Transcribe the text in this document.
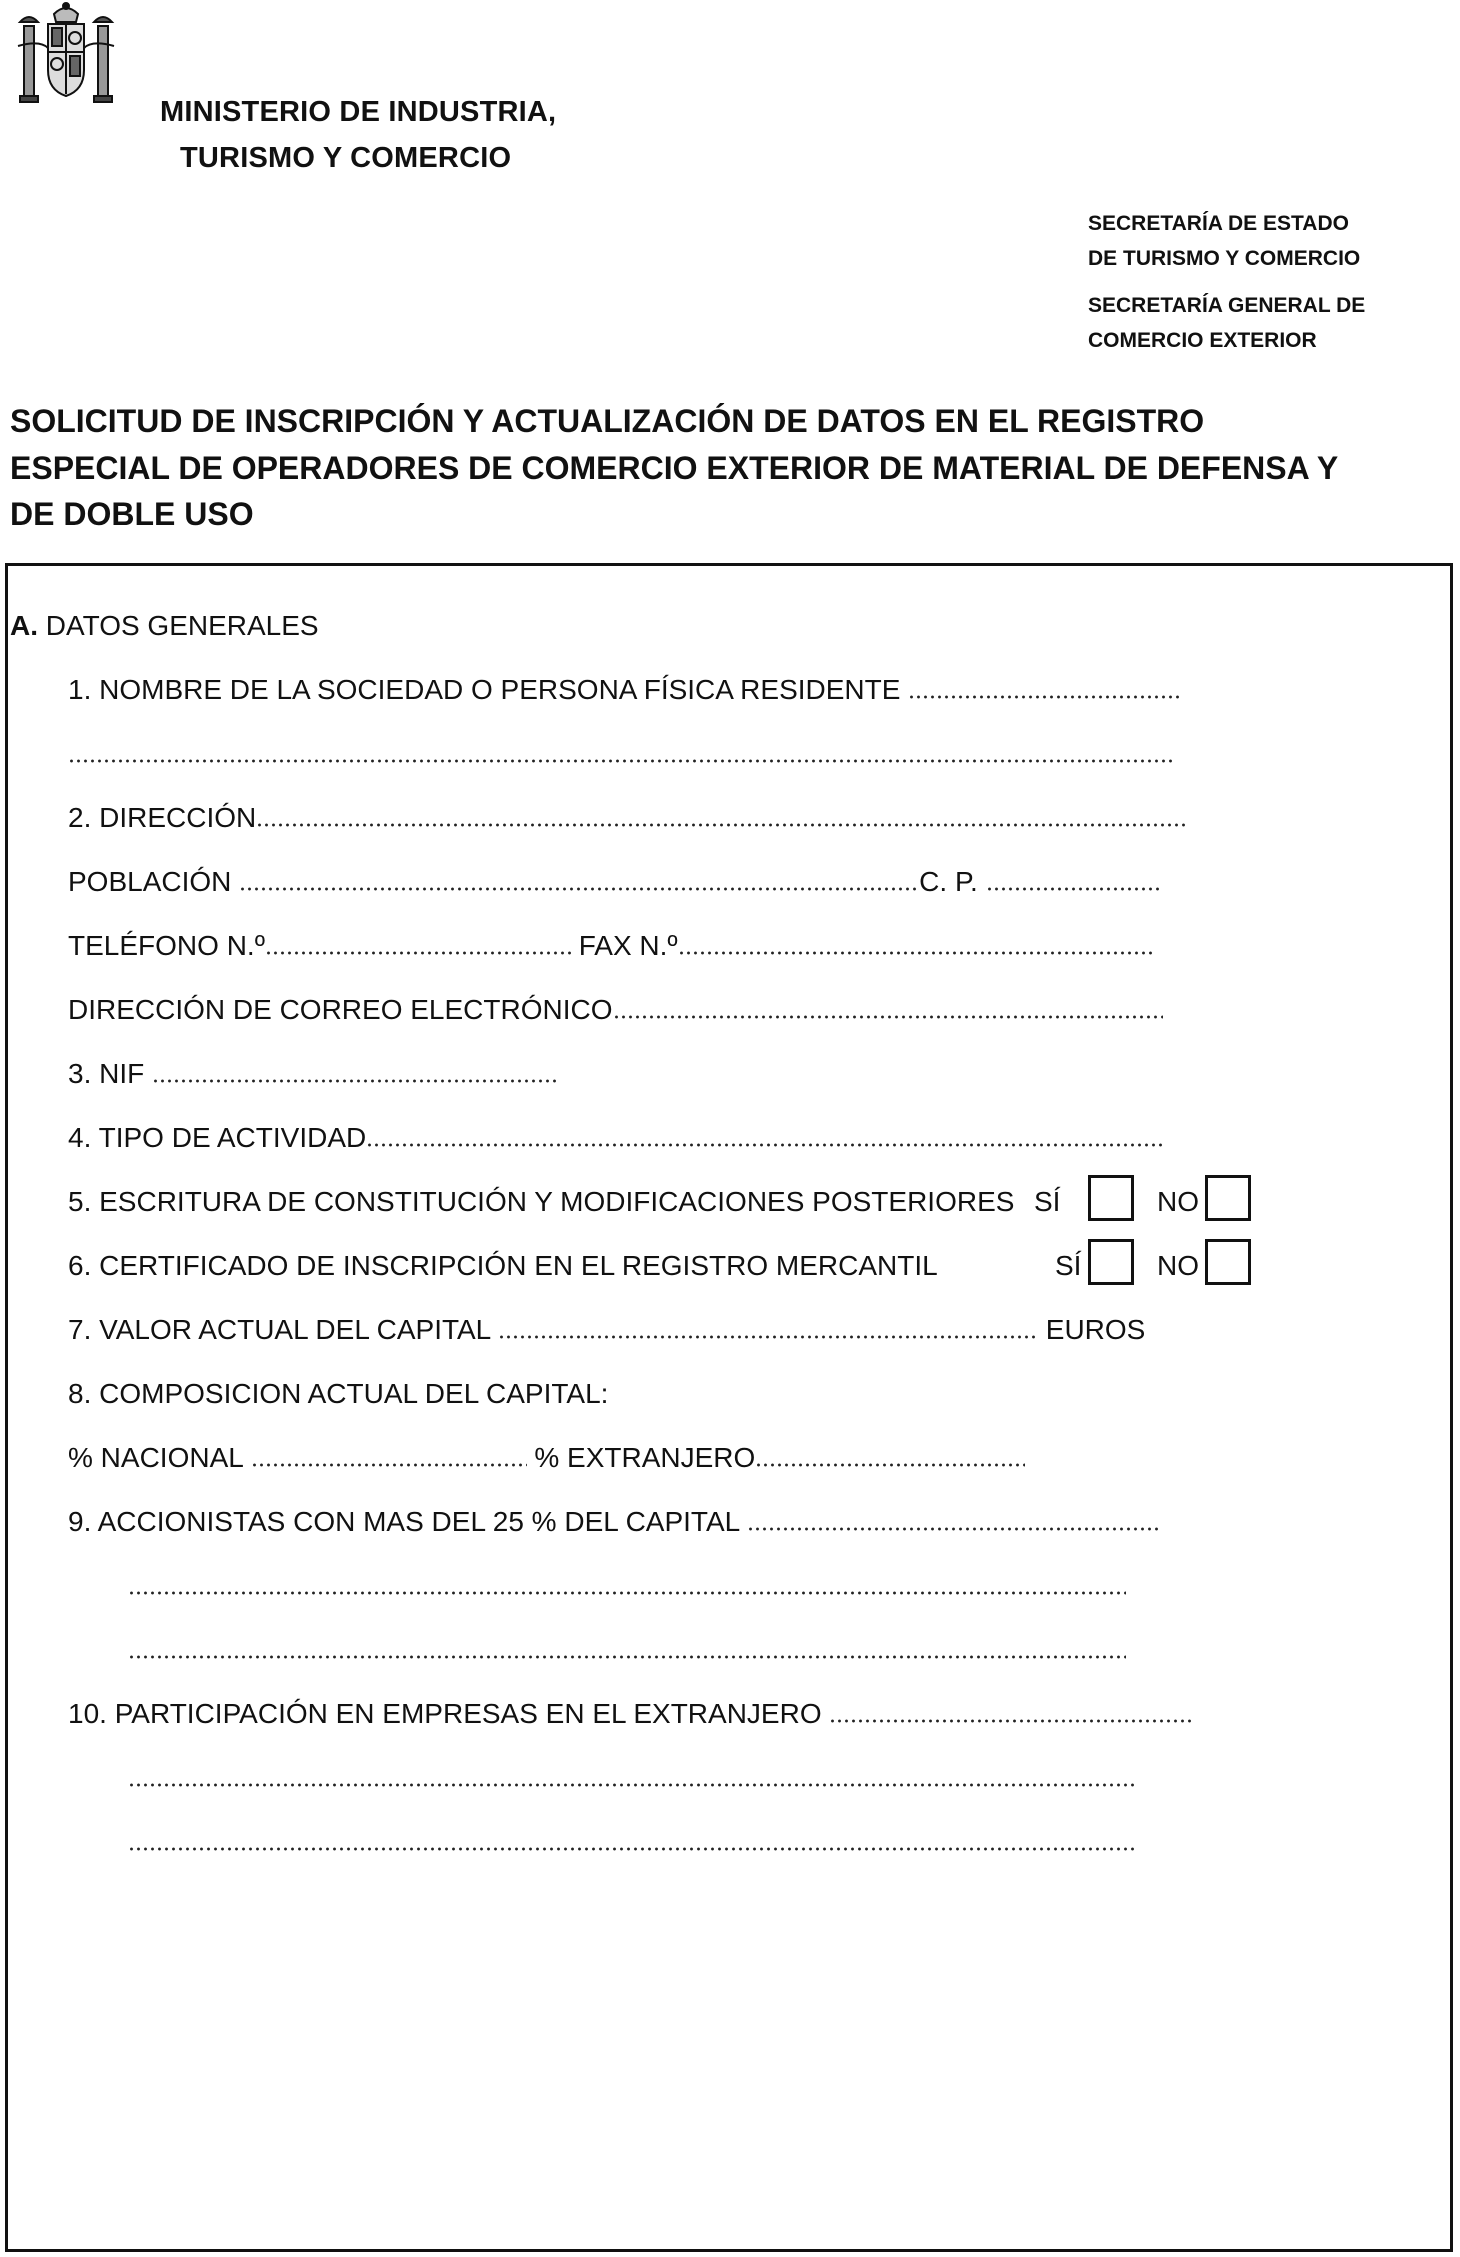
MINISTERIO DE INDUSTRIA,
TURISMO Y COMERCIO
SECRETARÍA DE ESTADO
DE TURISMO Y COMERCIO
SECRETARÍA GENERAL DE
COMERCIO EXTERIOR
SOLICITUD DE INSCRIPCIÓN Y ACTUALIZACIÓN DE DATOS EN EL REGISTRO
ESPECIAL DE OPERADORES DE COMERCIO EXTERIOR DE MATERIAL DE DEFENSA Y
DE DOBLE USO
A. DATOS GENERALES
1. NOMBRE DE LA SOCIEDAD O PERSONA FÍSICA RESIDENTE
2. DIRECCIÓN
POBLACIÓN	C. P.
TELÉFONO N.º	FAX N.º
DIRECCIÓN DE CORREO ELECTRÓNICO
3. NIF
4. TIPO DE ACTIVIDAD
5. ESCRITURA DE CONSTITUCIÓN Y MODIFICACIONES POSTERIORES SÍ	NO
6. CERTIFICADO DE INSCRIPCIÓN EN EL REGISTRO MERCANTIL	SÍ	NO
7. VALOR ACTUAL DEL CAPITAL	EUROS
8. COMPOSICION ACTUAL DEL CAPITAL:
% NACIONAL	% EXTRANJERO
9. ACCIONISTAS CON MAS DEL 25 % DEL CAPITAL
10. PARTICIPACIÓN EN EMPRESAS EN EL EXTRANJERO
